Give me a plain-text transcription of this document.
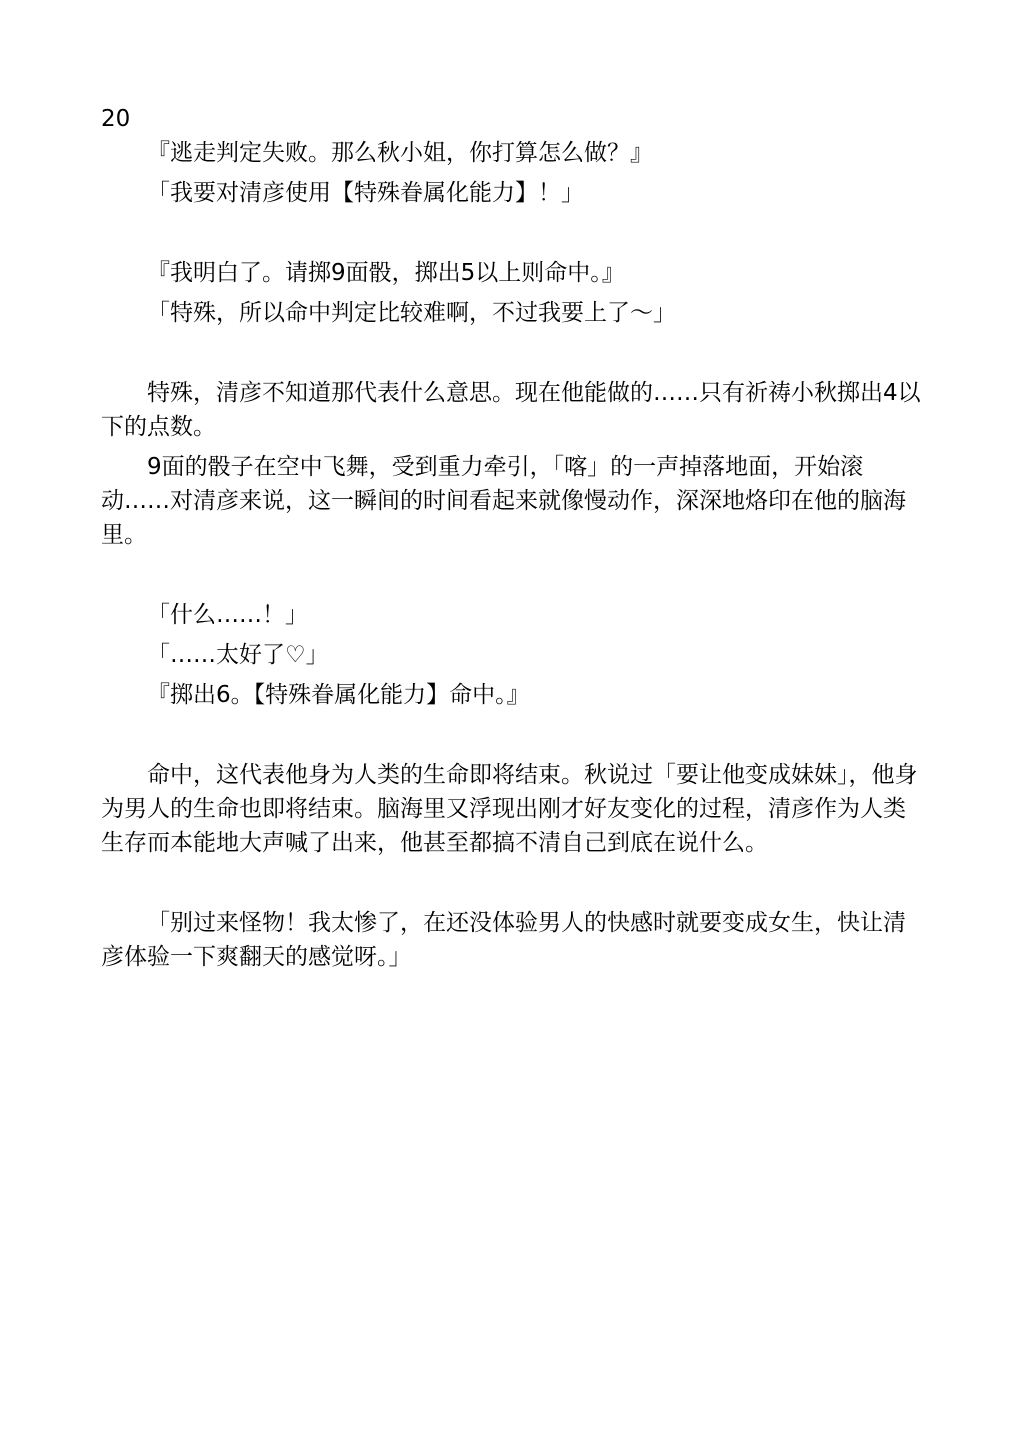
20

『逃走判定失败。那么秋小姐，你打算怎么做？』

「我要对清彦使用【特殊眷属化能力】！」

『我明白了。请掷9面骰，掷出5以上则命中。』

「特殊，所以命中判定比较难啊，不过我要上了～」

特殊，清彦不知道那代表什么意思。现在他能做的……只有祈祷小秋掷出4以下的点数。

9面的骰子在空中飞舞，受到重力牵引，「喀」的一声掉落地面，开始滚动……对清彦来说，这一瞬间的时间看起来就像慢动作，深深地烙印在他的脑海里。

「什么……！」

「……太好了♡」

『掷出6。【特殊眷属化能力】命中。』

命中，这代表他身为人类的生命即将结束。秋说过「要让他变成妹妹」，他身为男人的生命也即将结束。脑海里又浮现出刚才好友变化的过程，清彦作为人类生存而本能地大声喊了出来，他甚至都搞不清自己到底在说什么。

「别过来怪物！我太惨了，在还没体验男人的快感时就要变成女生，快让清彦体验一下爽翻天的感觉呀。」
